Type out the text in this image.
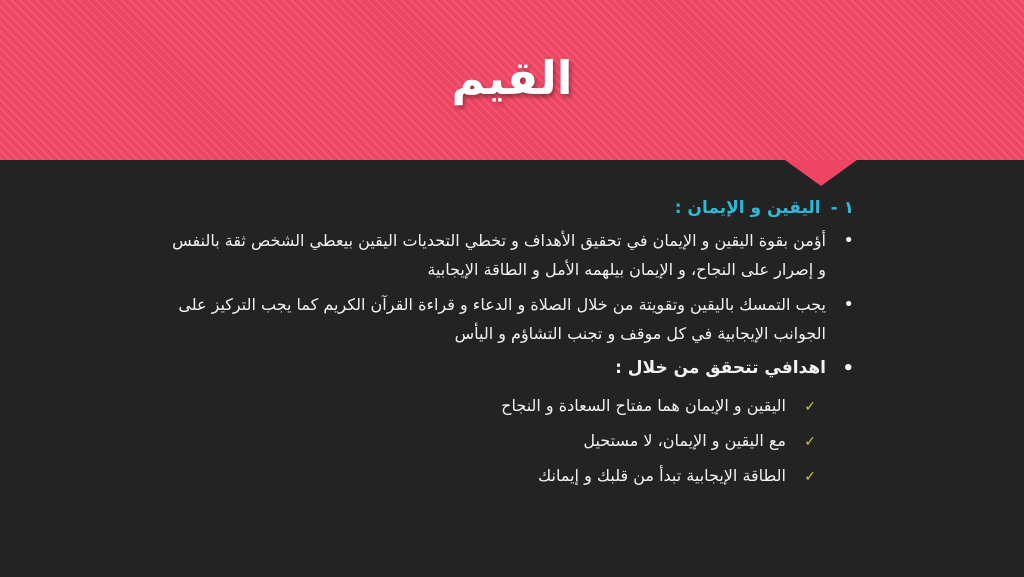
القيم
١ -اليقين و الإيمان :
•
أؤمن بقوة اليقين و الإيمان في تحقيق الأهداف و تخطي التحديات اليقين بيعطي الشخص ثقة بالنفس و إصرار على النجاح، و الإيمان بيلهمه الأمل و الطاقة الإيجابية
•
يجب التمسك باليقين وتقويتة من خلال الصلاة و الدعاء و قراءة القرآن الكريم كما يجب التركيز على الجوانب الإيجابية في كل موقف و تجنب التشاؤم و اليأس
•
اهدافي تتحقق من خلال :
✓
اليقين و الإيمان هما مفتاح السعادة و النجاح
✓
مع اليقين و الإيمان، لا مستحيل
✓
الطاقة الإيجابية تبدأ من قلبك و إيمانك
